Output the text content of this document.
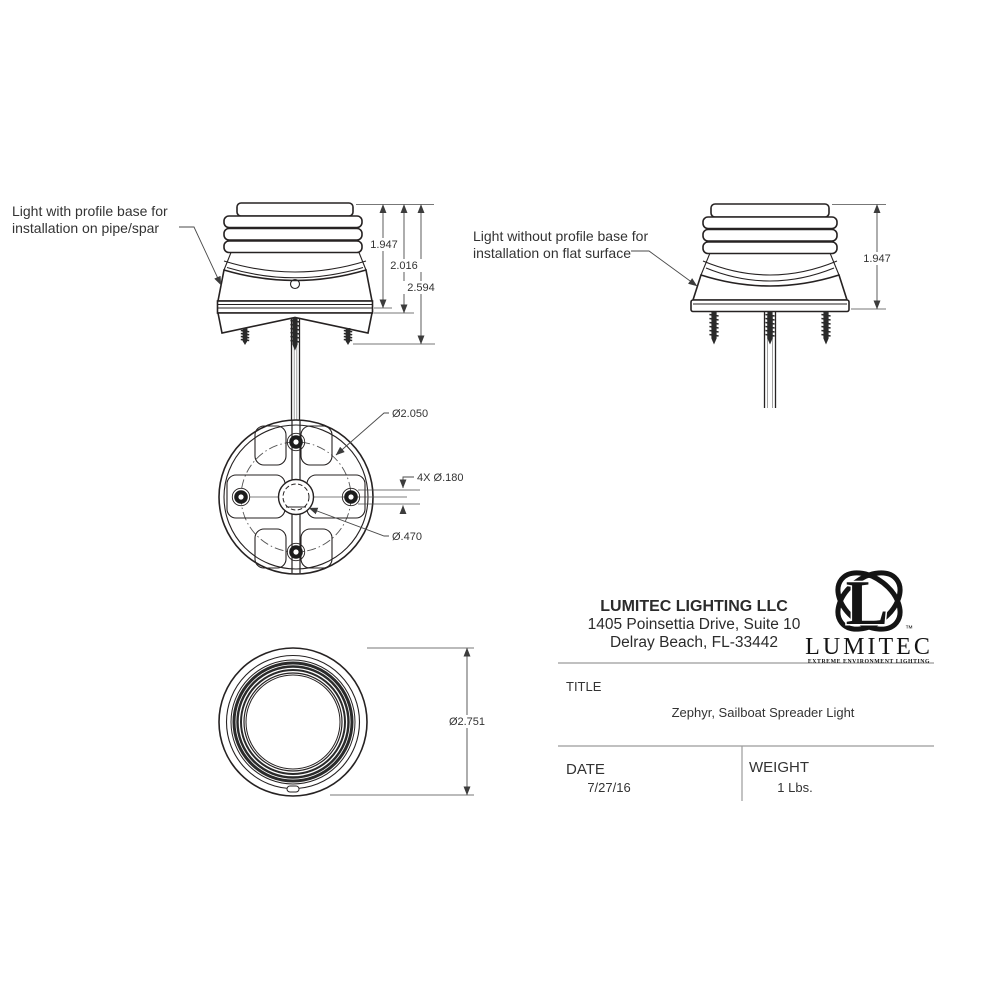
1.947
2.016
2.594
Light with profile base for
installation on pipe/spar
1.947
Light without profile base for
installation on flat surface
Ø2.050
4X Ø.180
Ø.470
Ø2.751
LUMITEC LIGHTING LLC
1405 Poinsettia Drive, Suite 10
Delray Beach, FL-33442
L ™
LUMITEC
EXTREME ENVIRONMENT LIGHTING
TITLE
Zephyr, Sailboat Spreader Light
DATE
7/27/16
WEIGHT
1 Lbs.
